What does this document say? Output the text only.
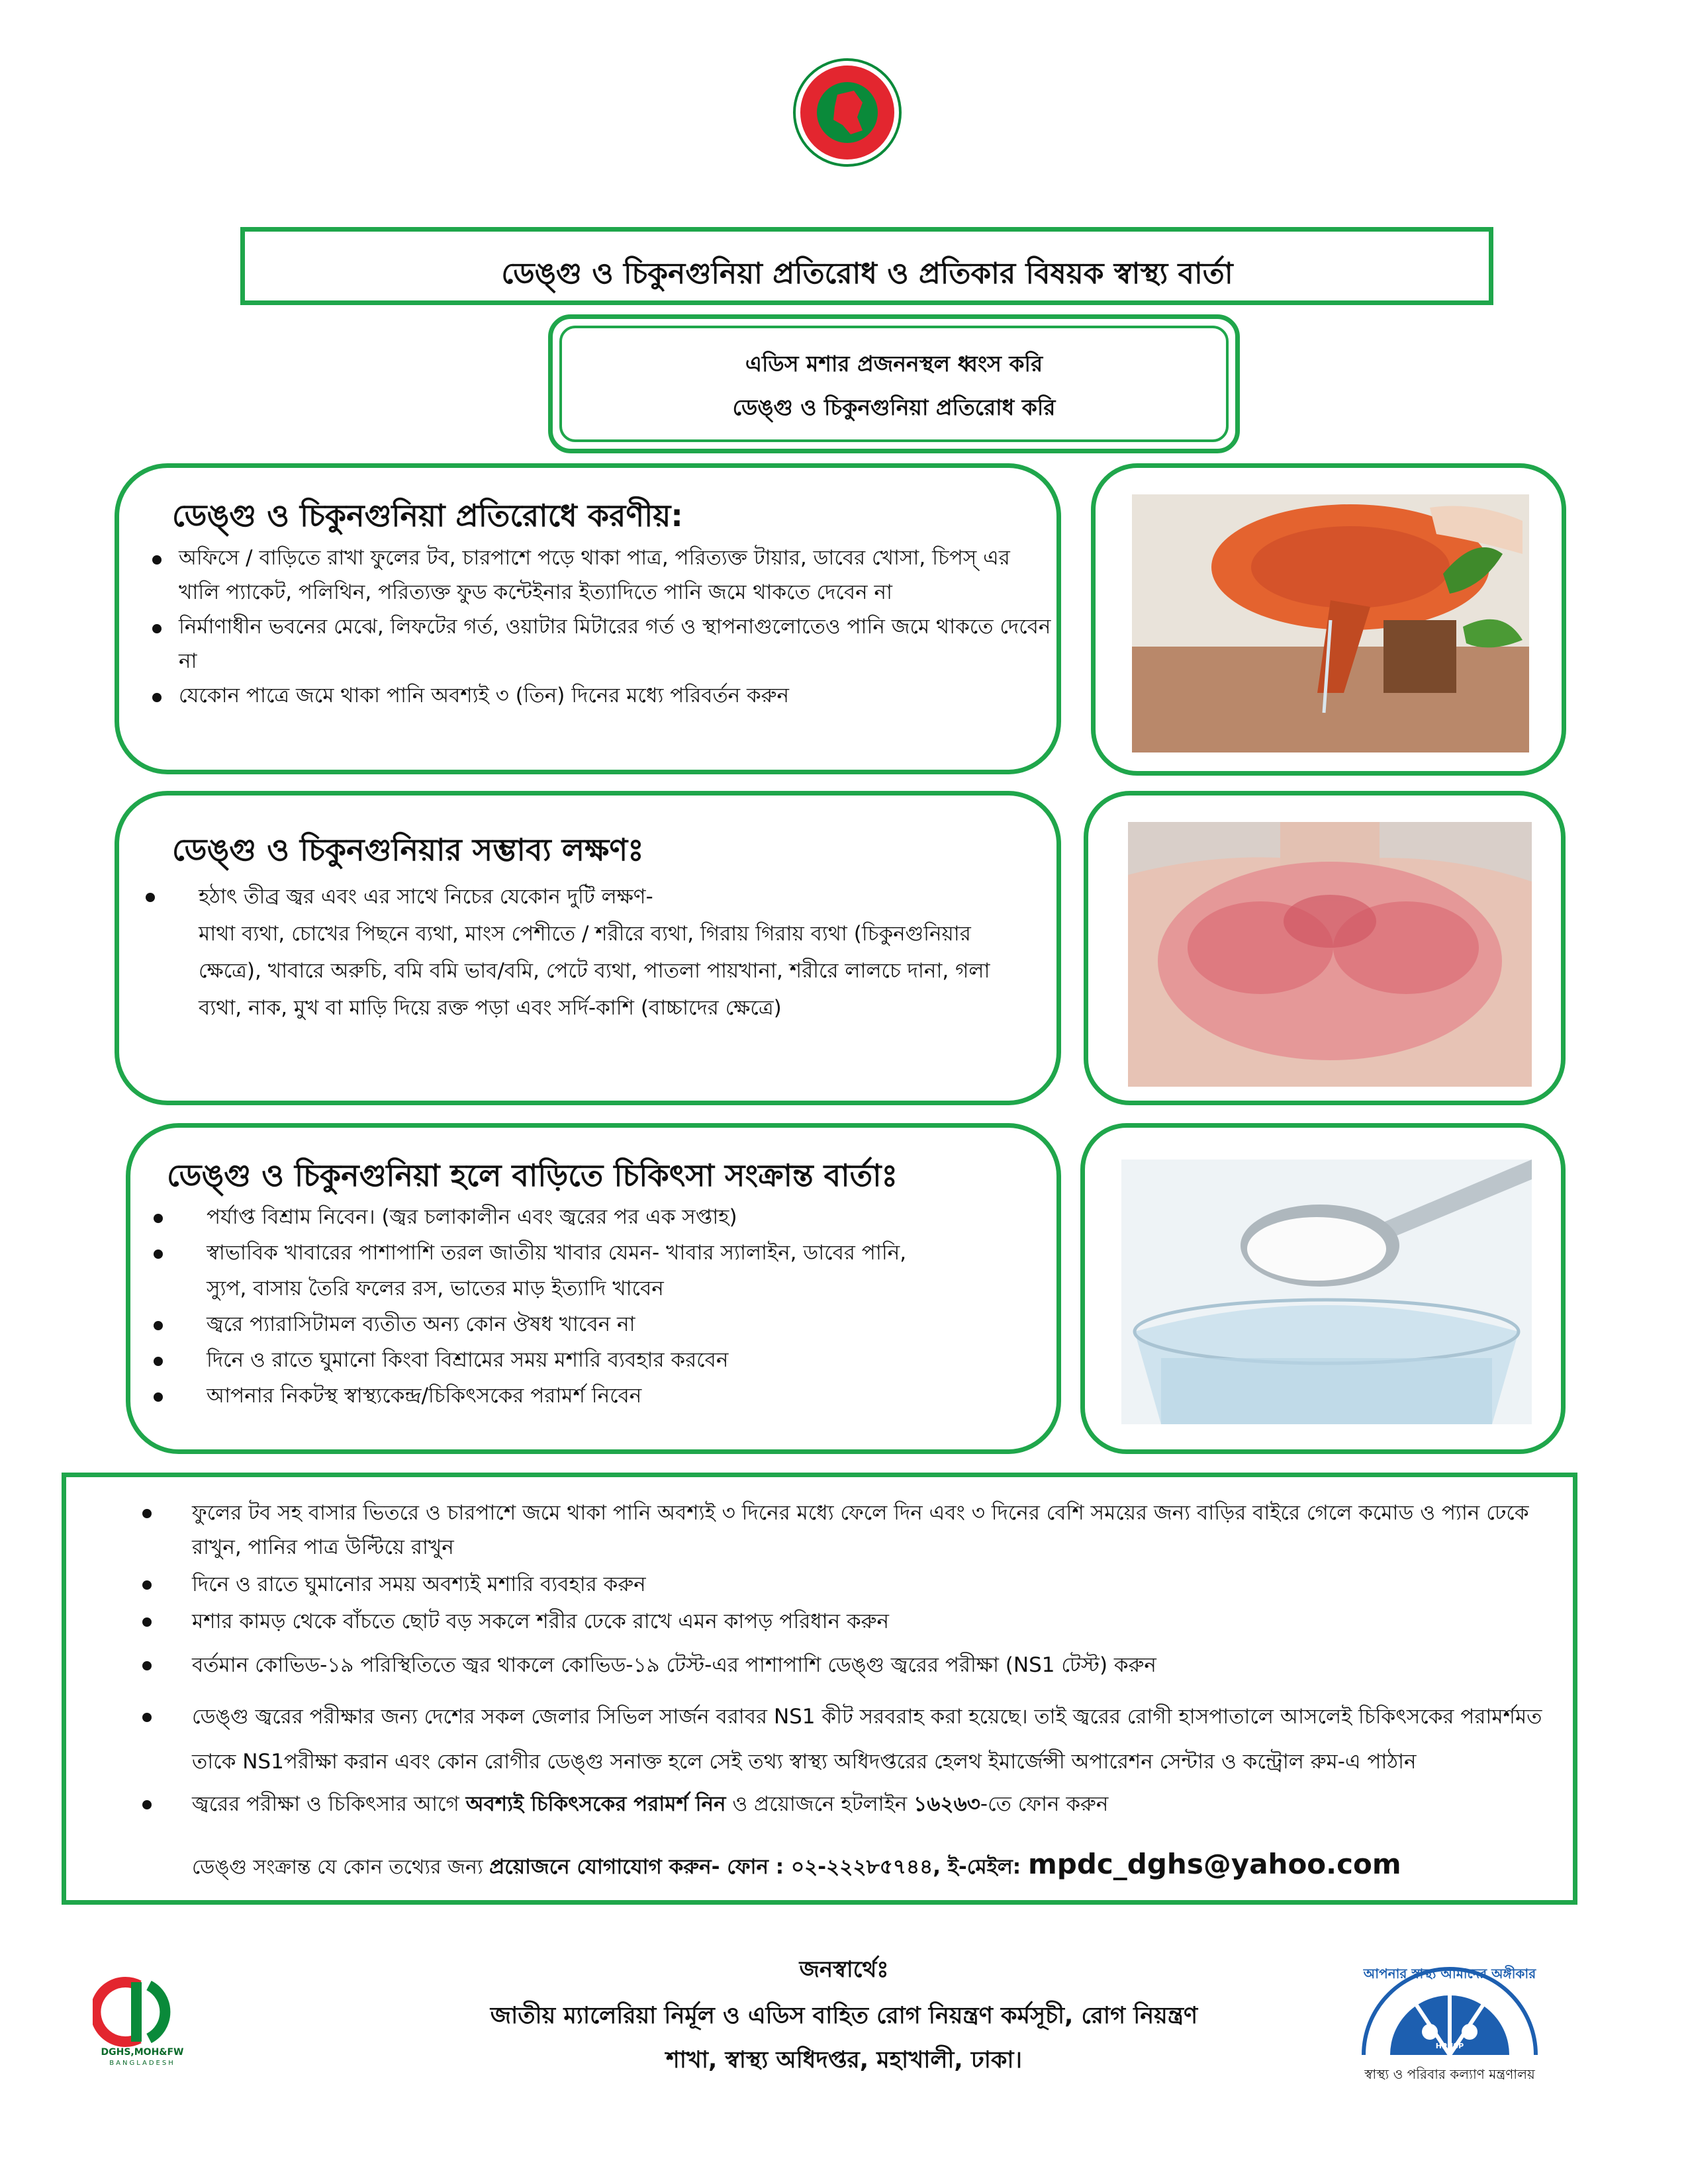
ডেঙ্গু ও চিকুনগুনিয়া প্রতিরোধ ও প্রতিকার বিষয়ক স্বাস্থ্য বার্তা
এডিস মশার প্রজননস্থল ধ্বংস করি
ডেঙ্গু ও চিকুনগুনিয়া প্রতিরোধ করি
ডেঙ্গু ও চিকুনগুনিয়া প্রতিরোধে করণীয়:
অফিসে / বাড়িতে রাখা ফুলের টব, চারপাশে পড়ে থাকা পাত্র, পরিত্যক্ত টায়ার, ডাবের খোসা, চিপস্‌ এর খালি প্যাকেট, পলিথিন, পরিত্যক্ত ফুড কন্টেইনার ইত্যাদিতে পানি জমে থাকতে দেবেন না
নির্মাণাধীন ভবনের মেঝে, লিফটের গর্ত, ওয়াটার মিটারের গর্ত ও স্থাপনাগুলোতেও পানি জমে থাকতে দেবেন না
যেকোন পাত্রে জমে থাকা পানি অবশ্যই ৩ (তিন) দিনের মধ্যে পরিবর্তন করুন
ডেঙ্গু ও চিকুনগুনিয়ার সম্ভাব্য লক্ষণঃ
হঠাৎ তীব্র জ্বর এবং এর সাথে নিচের যেকোন দুটি লক্ষণ-
মাথা ব্যথা, চোখের পিছনে ব্যথা, মাংস পেশীতে / শরীরে ব্যথা, গিরায় গিরায় ব্যথা (চিকুনগুনিয়ার
ক্ষেত্রে), খাবারে অরুচি, বমি বমি ভাব/বমি, পেটে ব্যথা, পাতলা পায়খানা, শরীরে লালচে দানা, গলা
ব্যথা, নাক, মুখ বা মাড়ি দিয়ে রক্ত পড়া এবং সর্দি-কাশি (বাচ্চাদের ক্ষেত্রে)
ডেঙ্গু ও চিকুনগুনিয়া হলে বাড়িতে চিকিৎসা সংক্রান্ত বার্তাঃ
পর্যাপ্ত বিশ্রাম নিবেন। (জ্বর চলাকালীন এবং জ্বরের পর এক সপ্তাহ)
স্বাভাবিক খাবারের পাশাপাশি তরল জাতীয় খাবার যেমন- খাবার স্যালাইন, ডাবের পানি, স্যুপ, বাসায় তৈরি ফলের রস, ভাতের মাড় ইত্যাদি খাবেন
জ্বরে প্যারাসিটামল ব্যতীত অন্য কোন ঔষধ খাবেন না
দিনে ও রাতে ঘুমানো কিংবা বিশ্রামের সময় মশারি ব্যবহার করবেন
আপনার নিকটস্থ স্বাস্থ্যকেন্দ্র/চিকিৎসকের পরামর্শ নিবেন
ফুলের টব সহ বাসার ভিতরে ও চারপাশে জমে থাকা পানি অবশ্যই ৩ দিনের মধ্যে ফেলে দিন এবং ৩ দিনের বেশি সময়ের জন্য বাড়ির বাইরে গেলে কমোড ও প্যান ঢেকে রাখুন, পানির পাত্র উল্টিয়ে রাখুন
দিনে ও রাতে ঘুমানোর সময় অবশ্যই মশারি ব্যবহার করুন
মশার কামড় থেকে বাঁচতে ছোট বড় সকলে শরীর ঢেকে রাখে এমন কাপড় পরিধান করুন
বর্তমান কোভিড-১৯ পরিস্থিতিতে জ্বর থাকলে কোভিড-১৯ টেস্ট-এর পাশাপাশি ডেঙ্গু জ্বরের পরীক্ষা (NS1 টেস্ট) করুন
ডেঙ্গু জ্বরের পরীক্ষার জন্য দেশের সকল জেলার সিভিল সার্জন বরাবর NS1 কীট সরবরাহ করা হয়েছে। তাই জ্বরের রোগী হাসপাতালে আসলেই চিকিৎসকের পরামর্শমত তাকে NS1পরীক্ষা করান এবং কোন রোগীর ডেঙ্গু সনাক্ত হলে সেই তথ্য স্বাস্থ্য অধিদপ্তরের হেলথ ইমার্জেন্সী অপারেশন সেন্টার ও কন্ট্রোল রুম-এ পাঠান
জ্বরের পরীক্ষা ও চিকিৎসার আগে অবশ্যই চিকিৎসকের পরামর্শ নিন ও প্রয়োজনে হটলাইন ১৬২৬৩-তে ফোন করুন
ডেঙ্গু সংক্রান্ত যে কোন তথ্যের জন্য প্রয়োজনে যোগাযোগ করুন- ফোন : ০২-২২২৮৫৭৪৪, ই-মেইল: mpdc_dghs@yahoo.com
জনস্বার্থেঃ
জাতীয় ম্যালেরিয়া নির্মূল ও এডিস বাহিত রোগ নিয়ন্ত্রণ কর্মসূচী, রোগ নিয়ন্ত্রণ
শাখা, স্বাস্থ্য অধিদপ্তর, মহাখালী, ঢাকা।
DGHS,MOH&FW
BANGLADESH
আপনার স্বাস্থ্য আমাদের অঙ্গীকার
HPNSP
স্বাস্থ্য ও পরিবার কল্যাণ মন্ত্রণালয়
